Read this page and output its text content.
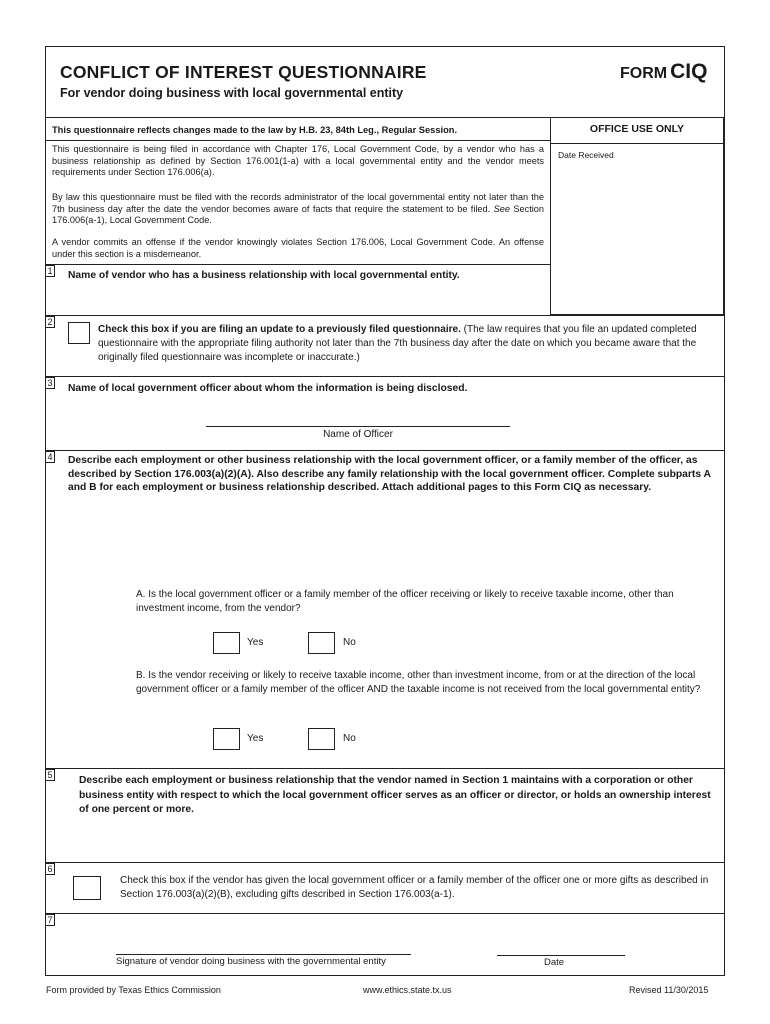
CONFLICT OF INTEREST QUESTIONNAIRE
For vendor doing business with local governmental entity
FORM CIQ
OFFICE USE ONLY
Date Received
This questionnaire reflects changes made to the law by H.B. 23, 84th Leg., Regular Session.
This questionnaire is being filed in accordance with Chapter 176, Local Government Code, by a vendor who has a business relationship as defined by Section 176.001(1-a) with a local governmental entity and the vendor meets requirements under Section 176.006(a).
By law this questionnaire must be filed with the records administrator of the local governmental entity not later than the 7th business day after the date the vendor becomes aware of facts that require the statement to be filed. See Section 176.006(a-1), Local Government Code.
A vendor commits an offense if the vendor knowingly violates Section 176.006, Local Government Code. An offense under this section is a misdemeanor.
1 Name of vendor who has a business relationship with local governmental entity.
2
Check this box if you are filing an update to a previously filed questionnaire. (The law requires that you file an updated completed questionnaire with the appropriate filing authority not later than the 7th business day after the date on which you became aware that the originally filed questionnaire was incomplete or inaccurate.)
3 Name of local government officer about whom the information is being disclosed.
Name of Officer
4 Describe each employment or other business relationship with the local government officer, or a family member of the officer, as described by Section 176.003(a)(2)(A). Also describe any family relationship with the local government officer. Complete subparts A and B for each employment or business relationship described. Attach additional pages to this Form CIQ as necessary.
A. Is the local government officer or a family member of the officer receiving or likely to receive taxable income, other than investment income, from the vendor?
Yes	No
B. Is the vendor receiving or likely to receive taxable income, other than investment income, from or at the direction of the local government officer or a family member of the officer AND the taxable income is not received from the local governmental entity?
Yes	No
5	Describe each employment or business relationship that the vendor named in Section 1 maintains with a corporation or other business entity with respect to which the local government officer serves as an officer or director, or holds an ownership interest of one percent or more.
6
Check this box if the vendor has given the local government officer or a family member of the officer one or more gifts as described in Section 176.003(a)(2)(B), excluding gifts described in Section 176.003(a-1).
7
Signature of vendor doing business with the governmental entity	Date
Form provided by Texas Ethics Commission	www.ethics.state.tx.us	Revised 11/30/2015
